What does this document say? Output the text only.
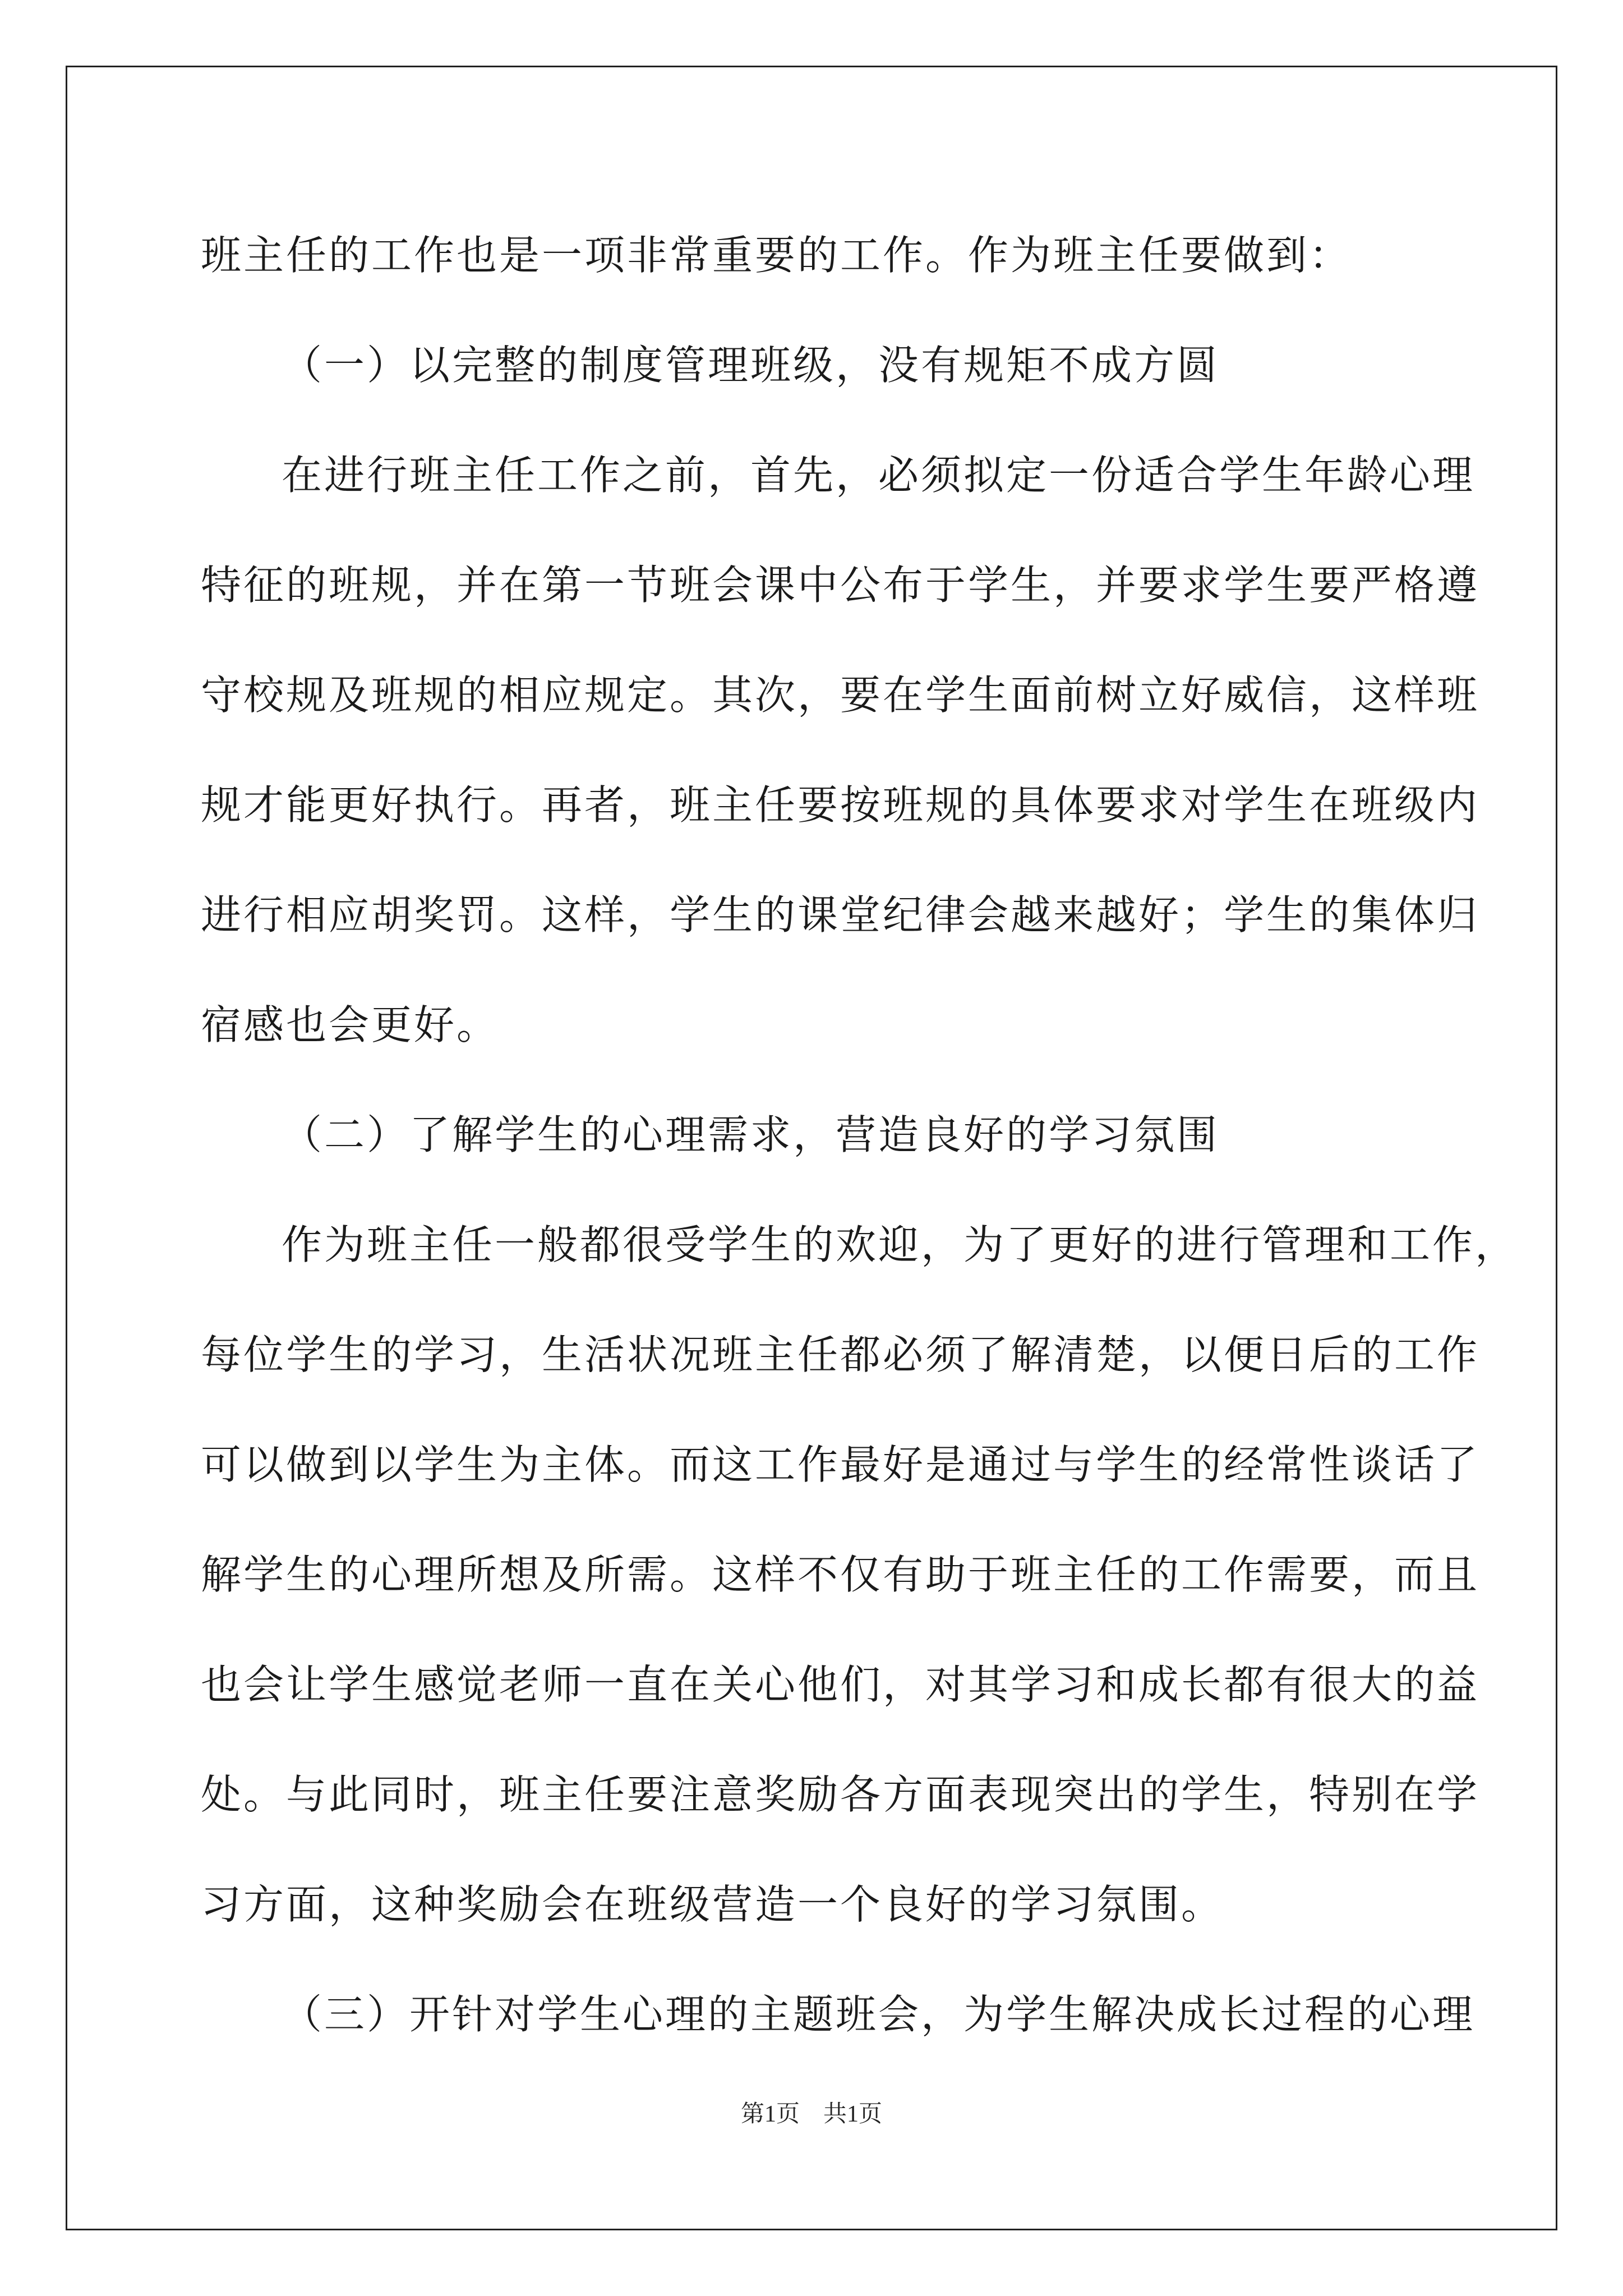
班主任的工作也是一项非常重要的工作。作为班主任要做到：
（一）以完整的制度管理班级，没有规矩不成方圆
在进行班主任工作之前，首先，必须拟定一份适合学生年龄心理
特征的班规，并在第一节班会课中公布于学生，并要求学生要严格遵
守校规及班规的相应规定。其次，要在学生面前树立好威信，这样班
规才能更好执行。再者，班主任要按班规的具体要求对学生在班级内
进行相应胡奖罚。这样，学生的课堂纪律会越来越好；学生的集体归
宿感也会更好。
（二）了解学生的心理需求，营造良好的学习氛围
作为班主任一般都很受学生的欢迎，为了更好的进行管理和工作，
每位学生的学习，生活状况班主任都必须了解清楚，以便日后的工作
可以做到以学生为主体。而这工作最好是通过与学生的经常性谈话了
解学生的心理所想及所需。这样不仅有助于班主任的工作需要，而且
也会让学生感觉老师一直在关心他们，对其学习和成长都有很大的益
处。与此同时，班主任要注意奖励各方面表现突出的学生，特别在学
习方面，这种奖励会在班级营造一个良好的学习氛围。
（三）开针对学生心理的主题班会，为学生解决成长过程的心理
第1页　共1页
